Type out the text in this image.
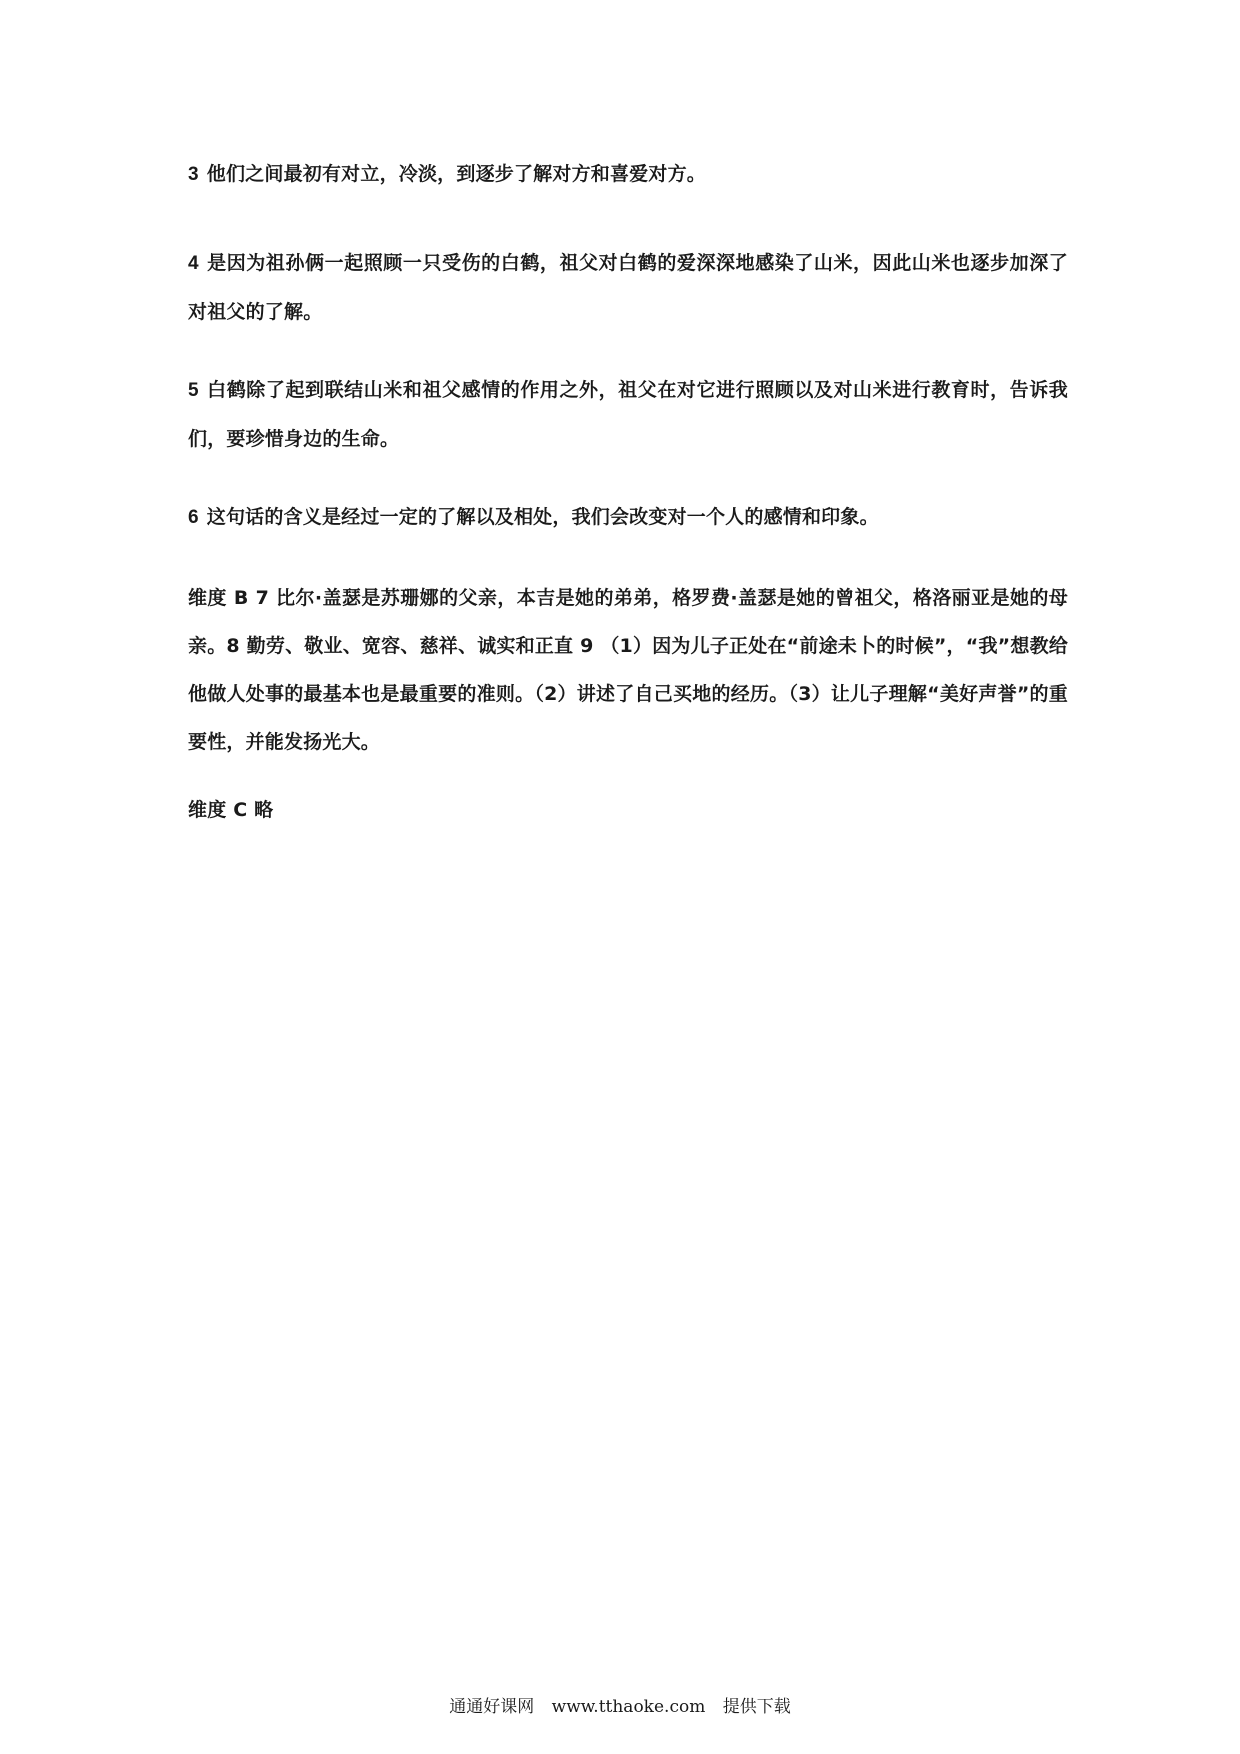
3 他们之间最初有对立，冷淡，到逐步了解对方和喜爱对方。

4 是因为祖孙俩一起照顾一只受伤的白鹤，祖父对白鹤的爱深深地感染了山米，因此山米也逐步加深了对祖父的了解。

5 白鹤除了起到联结山米和祖父感情的作用之外，祖父在对它进行照顾以及对山米进行教育时，告诉我们，要珍惜身边的生命。

6 这句话的含义是经过一定的了解以及相处，我们会改变对一个人的感情和印象。

维度 B 7 比尔·盖瑟是苏珊娜的父亲，本吉是她的弟弟，格罗费·盖瑟是她的曾祖父，格洛丽亚是她的母亲。8 勤劳、敬业、宽容、慈祥、诚实和正直 9 （1）因为儿子正处在“前途未卜的时候”，“我”想教给他做人处事的最基本也是最重要的准则。（2）讲述了自己买地的经历。（3）让儿子理解“美好声誉”的重要性，并能发扬光大。

维度 C 略

通通好课网 www.tthaoke.com 提供下载
